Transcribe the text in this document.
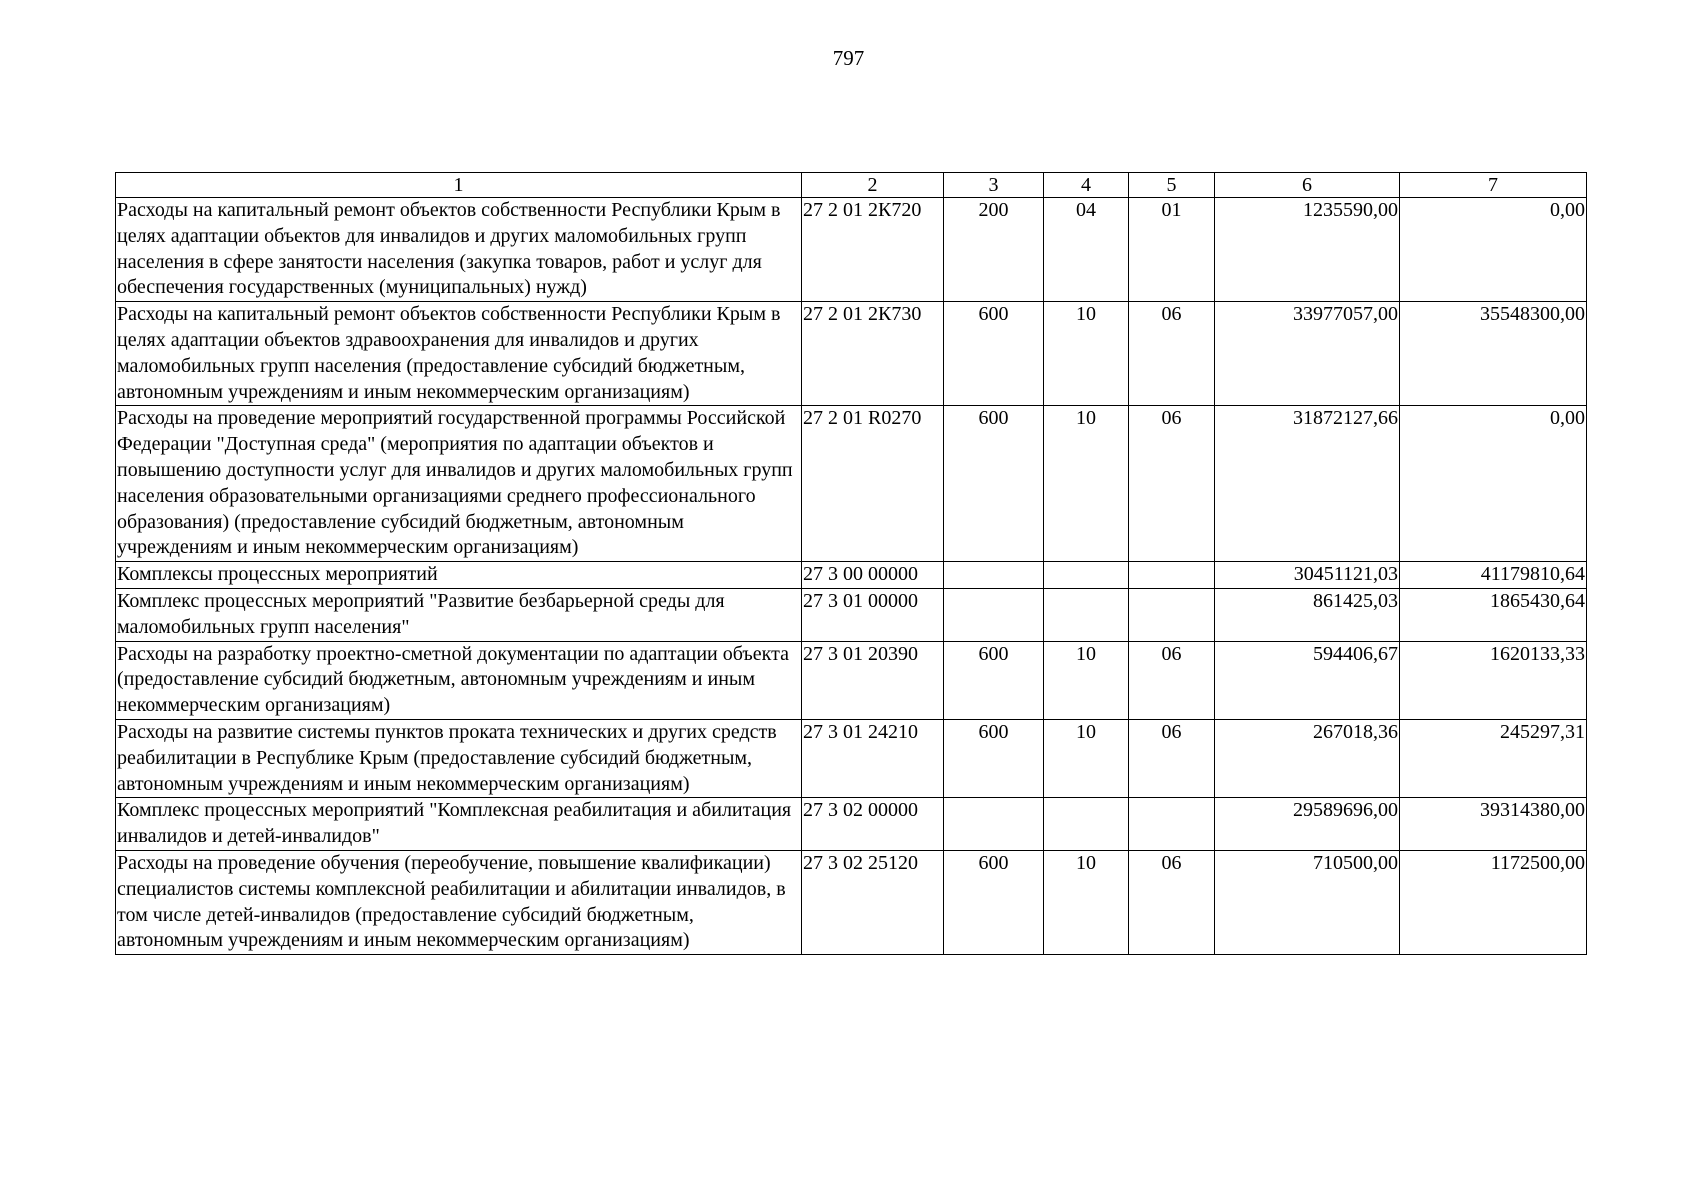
797
1	2	3	4	5	6	7
Расходы на капитальный ремонт объектов собственности Республики Крым в целях адаптации объектов для инвалидов и других маломобильных групп населения в сфере занятости населения (закупка товаров, работ и услуг для обеспечения государственных (муниципальных) нужд)	27 2 01 2К720	200	04	01	1235590,00	0,00
Расходы на капитальный ремонт объектов собственности Республики Крым в целях адаптации объектов здравоохранения для инвалидов и других маломобильных групп населения (предоставление субсидий бюджетным, автономным учреждениям и иным некоммерческим организациям)	27 2 01 2К730	600	10	06	33977057,00	35548300,00
Расходы на проведение мероприятий государственной программы Российской Федерации "Доступная среда" (мероприятия по адаптации объектов и повышению доступности услуг для инвалидов и других маломобильных групп населения образовательными организациями среднего профессионального образования) (предоставление субсидий бюджетным, автономным учреждениям и иным некоммерческим организациям)	27 2 01 R0270	600	10	06	31872127,66	0,00
Комплексы процессных мероприятий	27 3 00 00000				30451121,03	41179810,64
Комплекс процессных мероприятий "Развитие безбарьерной среды для маломобильных групп населения"	27 3 01 00000				861425,03	1865430,64
Расходы на разработку проектно-сметной документации по адаптации объекта (предоставление субсидий бюджетным, автономным учреждениям и иным некоммерческим организациям)	27 3 01 20390	600	10	06	594406,67	1620133,33
Расходы на развитие системы пунктов проката технических и других средств реабилитации в Республике Крым (предоставление субсидий бюджетным, автономным учреждениям и иным некоммерческим организациям)	27 3 01 24210	600	10	06	267018,36	245297,31
Комплекс процессных мероприятий "Комплексная реабилитация и абилитация инвалидов и детей-инвалидов"	27 3 02 00000				29589696,00	39314380,00
Расходы на проведение обучения (переобучение, повышение квалификации) специалистов системы комплексной реабилитации и абилитации инвалидов, в том числе детей-инвалидов (предоставление субсидий бюджетным, автономным учреждениям и иным некоммерческим организациям)	27 3 02 25120	600	10	06	710500,00	1172500,00
